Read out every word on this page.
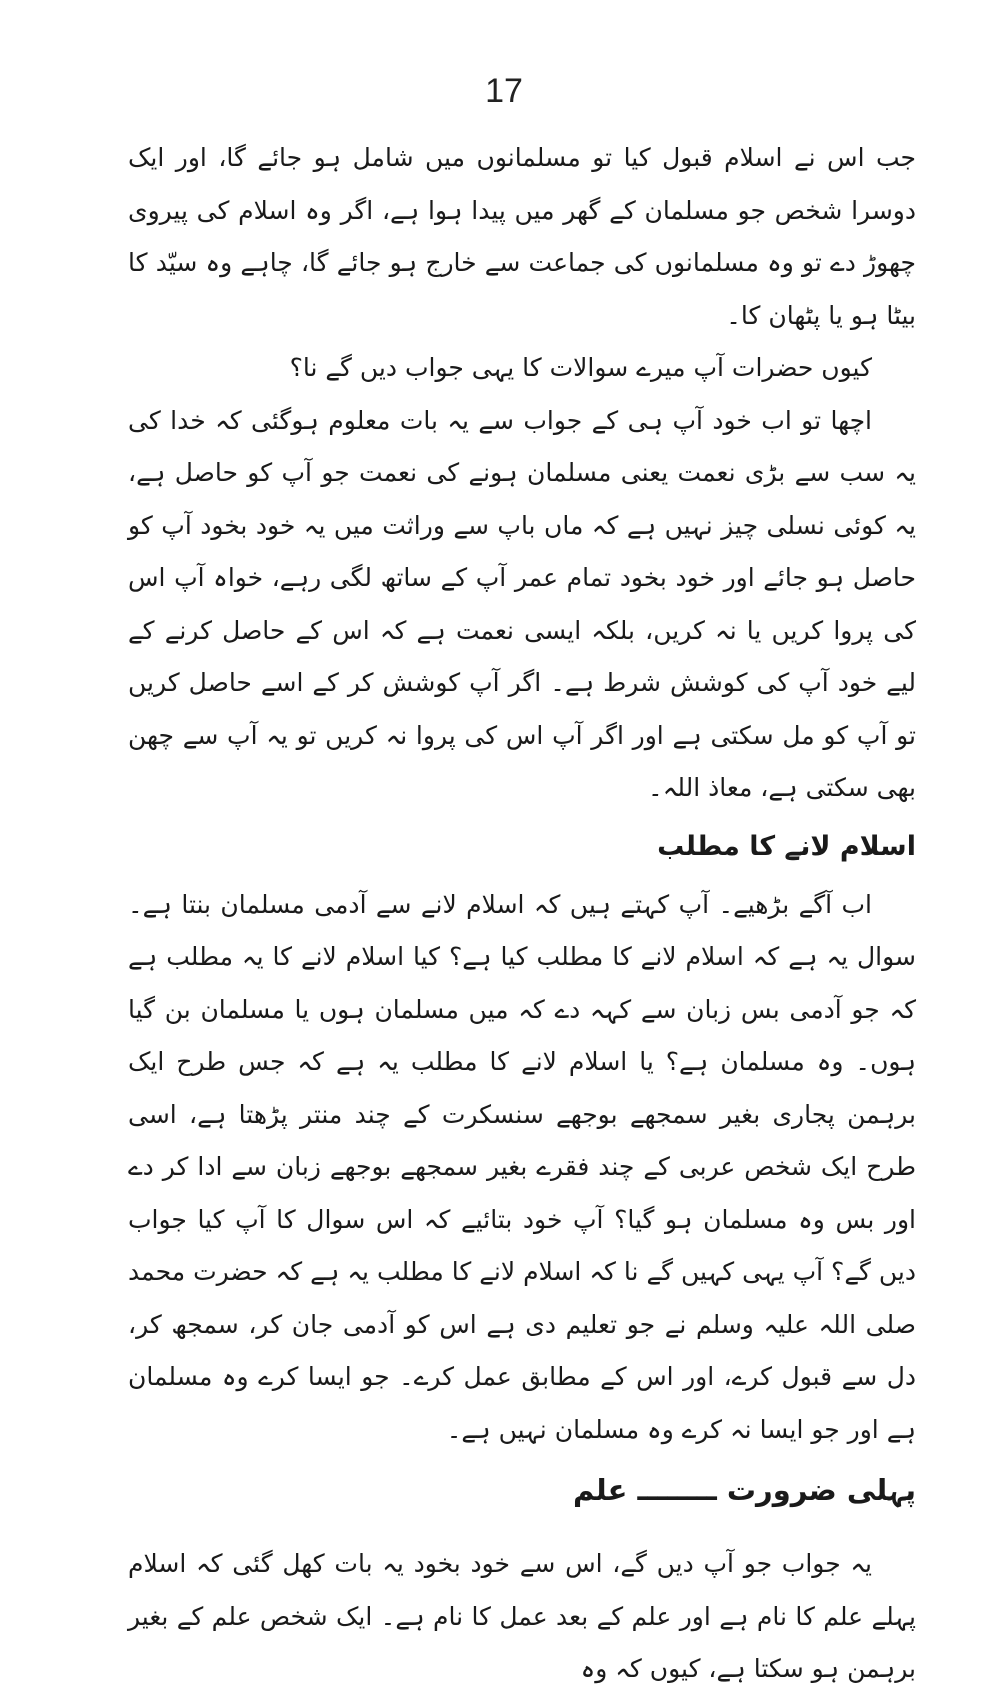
17

جب اس نے اسلام قبول کیا تو مسلمانوں میں شامل ہو جائے گا، اور ایک دوسرا شخص جو مسلمان کے گھر میں پیدا ہوا ہے، اگر وہ اسلام کی پیروی چھوڑ دے تو وہ مسلمانوں کی جماعت سے خارج ہو جائے گا، چاہے وہ سیّد کا بیٹا ہو یا پٹھان کا۔

کیوں حضرات آپ میرے سوالات کا یہی جواب دیں گے نا؟

اچھا تو اب خود آپ ہی کے جواب سے یہ بات معلوم ہوگئی کہ خدا کی یہ سب سے بڑی نعمت یعنی مسلمان ہونے کی نعمت جو آپ کو حاصل ہے، یہ کوئی نسلی چیز نہیں ہے کہ ماں باپ سے وراثت میں یہ خود بخود آپ کو حاصل ہو جائے اور خود بخود تمام عمر آپ کے ساتھ لگی رہے، خواہ آپ اس کی پروا کریں یا نہ کریں، بلکہ ایسی نعمت ہے کہ اس کے حاصل کرنے کے لیے خود آپ کی کوشش شرط ہے۔ اگر آپ کوشش کر کے اسے حاصل کریں تو آپ کو مل سکتی ہے اور اگر آپ اس کی پروا نہ کریں تو یہ آپ سے چھن بھی سکتی ہے، معاذ اللہ۔

اسلام لانے کا مطلب

اب آگے بڑھیے۔ آپ کہتے ہیں کہ اسلام لانے سے آدمی مسلمان بنتا ہے۔ سوال یہ ہے کہ اسلام لانے کا مطلب کیا ہے؟ کیا اسلام لانے کا یہ مطلب ہے کہ جو آدمی بس زبان سے کہہ دے کہ میں مسلمان ہوں یا مسلمان بن گیا ہوں۔ وہ مسلمان ہے؟ یا اسلام لانے کا مطلب یہ ہے کہ جس طرح ایک برہمن پجاری بغیر سمجھے بوجھے سنسکرت کے چند منتر پڑھتا ہے، اسی طرح ایک شخص عربی کے چند فقرے بغیر سمجھے بوجھے زبان سے ادا کر دے اور بس وہ مسلمان ہو گیا؟ آپ خود بتائیے کہ اس سوال کا آپ کیا جواب دیں گے؟ آپ یہی کہیں گے نا کہ اسلام لانے کا مطلب یہ ہے کہ حضرت محمد صلی اللہ علیہ وسلم نے جو تعلیم دی ہے اس کو آدمی جان کر، سمجھ کر، دل سے قبول کرے، اور اس کے مطابق عمل کرے۔ جو ایسا کرے وہ مسلمان ہے اور جو ایسا نہ کرے وہ مسلمان نہیں ہے۔

پہلی ضرورت ــــــــ علم

یہ جواب جو آپ دیں گے، اس سے خود بخود یہ بات کھل گئی کہ اسلام پہلے علم کا نام ہے اور علم کے بعد عمل کا نام ہے۔ ایک شخص علم کے بغیر برہمن ہو سکتا ہے، کیوں کہ وہ
